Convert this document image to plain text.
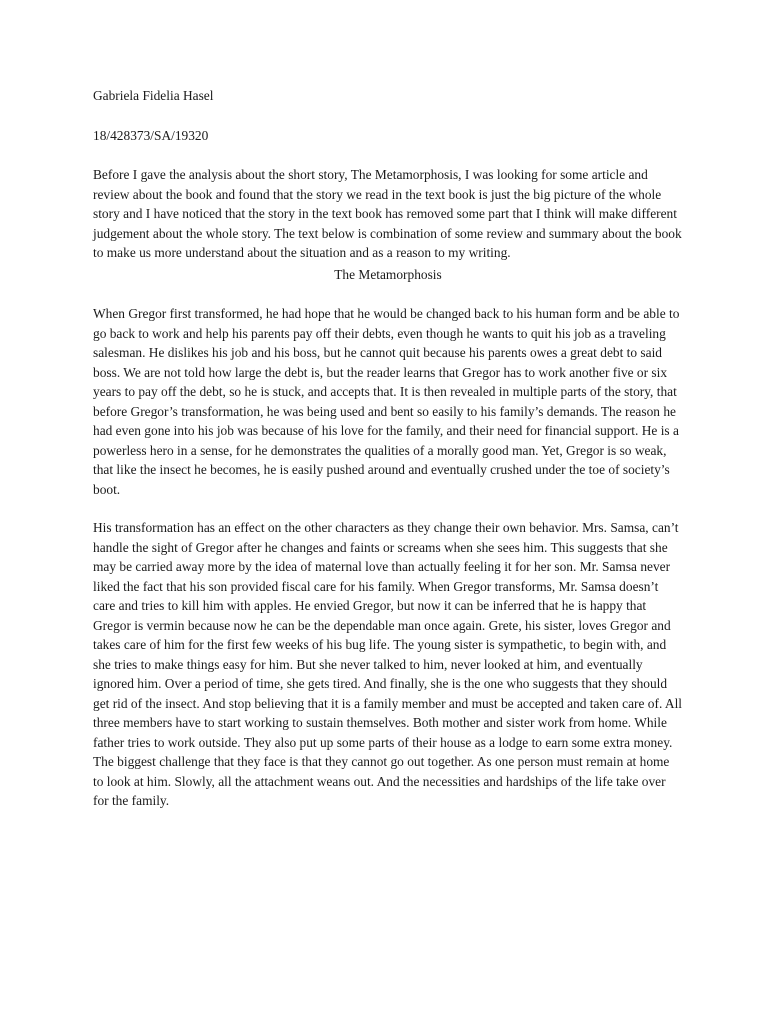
Gabriela Fidelia Hasel

18/428373/SA/19320

Before I gave the analysis about the short story, The Metamorphosis, I was looking for some article and review about the book and found that the story we read in the text book is just the big picture of the whole story and I have noticed that the story in the text book has removed some part that I think will make different judgement about the whole story. The text below is combination of some review and summary about the book to make us more understand about the situation and as a reason to my writing.

The Metamorphosis

When Gregor first transformed, he had hope that he would be changed back to his human form and be able to go back to work and help his parents pay off their debts, even though he wants to quit his job as a traveling salesman. He dislikes his job and his boss, but he cannot quit because his parents owes a great debt to said boss. We are not told how large the debt is, but the reader learns that Gregor has to work another five or six years to pay off the debt, so he is stuck, and accepts that. It is then revealed in multiple parts of the story, that before Gregor’s transformation, he was being used and bent so easily to his family’s demands. The reason he had even gone into his job was because of his love for the family, and their need for financial support. He is a powerless hero in a sense, for he demonstrates the qualities of a morally good man. Yet, Gregor is so weak, that like the insect he becomes, he is easily pushed around and eventually crushed under the toe of society’s boot.

His transformation has an effect on the other characters as they change their own behavior. Mrs. Samsa, can’t handle the sight of Gregor after he changes and faints or screams when she sees him. This suggests that she may be carried away more by the idea of maternal love than actually feeling it for her son. Mr. Samsa never liked the fact that his son provided fiscal care for his family. When Gregor transforms, Mr. Samsa doesn’t care and tries to kill him with apples. He envied Gregor, but now it can be inferred that he is happy that Gregor is vermin because now he can be the dependable man once again. Grete, his sister, loves Gregor and takes care of him for the first few weeks of his bug life. The young sister is sympathetic, to begin with, and she tries to make things easy for him. But she never talked to him, never looked at him, and eventually ignored him. Over a period of time, she gets tired. And finally, she is the one who suggests that they should get rid of the insect. And stop believing that it is a family member and must be accepted and taken care of. All three members have to start working to sustain themselves. Both mother and sister work from home. While father tries to work outside. They also put up some parts of their house as a lodge to earn some extra money. The biggest challenge that they face is that they cannot go out together. As one person must remain at home to look at him. Slowly, all the attachment weans out. And the necessities and hardships of the life take over for the family.
